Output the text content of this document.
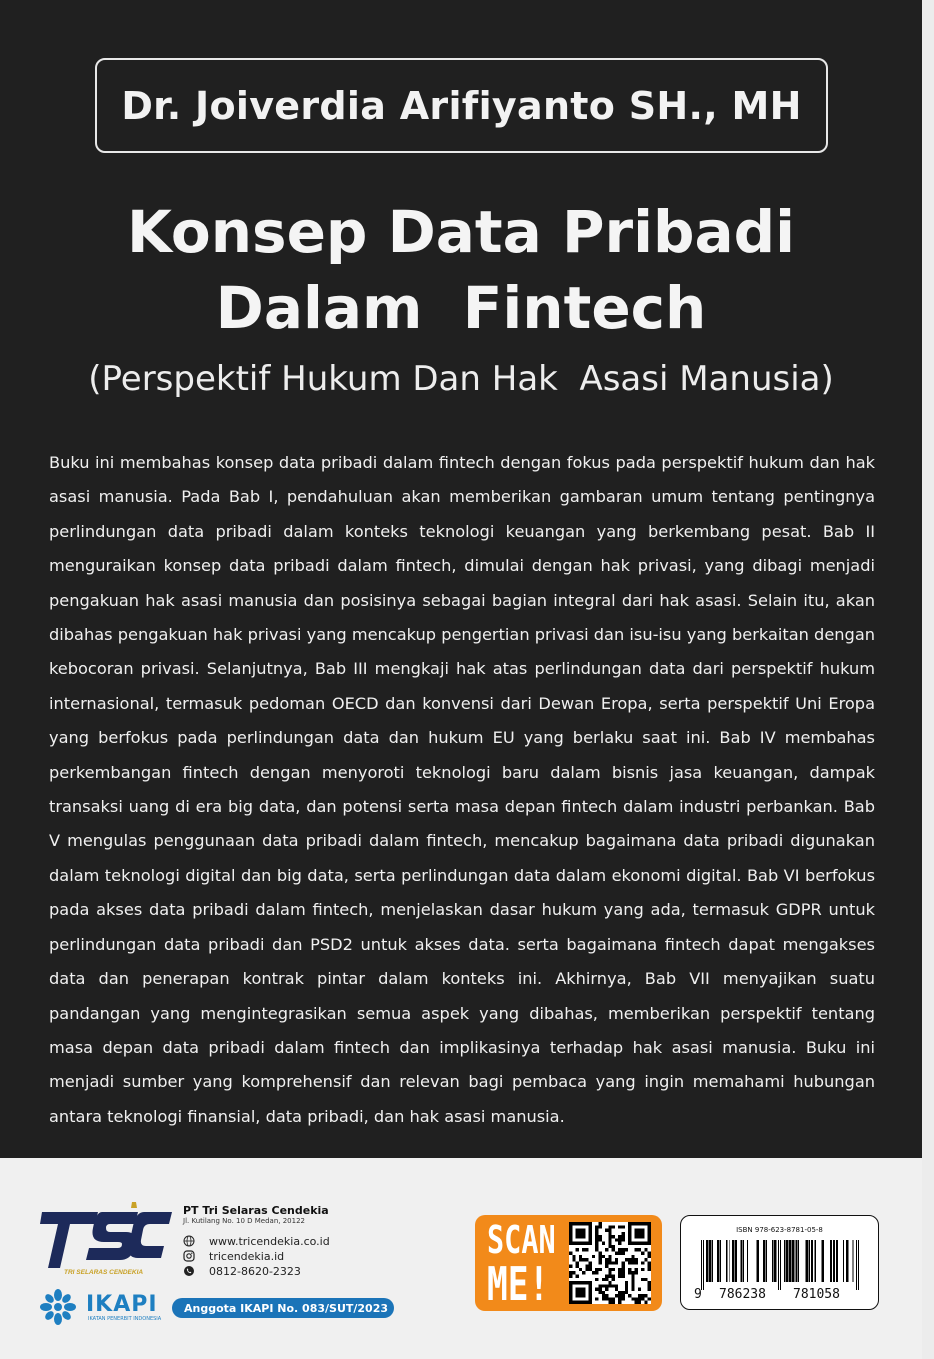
Dr. Joiverdia Arifiyanto SH., MH
Konsep Data Pribadi
Dalam  Fintech
(Perspektif Hukum Dan Hak  Asasi Manusia)

Buku ini membahas konsep data pribadi dalam fintech dengan fokus pada perspektif hukum dan hak asasi manusia. Pada Bab I, pendahuluan akan memberikan gambaran umum tentang pentingnya perlindungan data pribadi dalam konteks teknologi keuangan yang berkembang pesat. Bab II menguraikan konsep data pribadi dalam fintech, dimulai dengan hak privasi, yang dibagi menjadi pengakuan hak asasi manusia dan posisinya sebagai bagian integral dari hak asasi. Selain itu, akan dibahas pengakuan hak privasi yang mencakup pengertian privasi dan isu-isu yang berkaitan dengan kebocoran privasi. Selanjutnya, Bab III mengkaji hak atas perlindungan data dari perspektif hukum internasional, termasuk pedoman OECD dan konvensi dari Dewan Eropa, serta perspektif Uni Eropa yang berfokus pada perlindungan data dan hukum EU yang berlaku saat ini. Bab IV membahas perkembangan fintech dengan menyoroti teknologi baru dalam bisnis jasa keuangan, dampak transaksi uang di era big data, dan potensi serta masa depan fintech dalam industri perbankan. Bab V mengulas penggunaan data pribadi dalam fintech, mencakup bagaimana data pribadi digunakan dalam teknologi digital dan big data, serta perlindungan data dalam ekonomi digital. Bab VI berfokus pada akses data pribadi dalam fintech, menjelaskan dasar hukum yang ada, termasuk GDPR untuk perlindungan data pribadi dan PSD2 untuk akses data. serta bagaimana fintech dapat mengakses data dan penerapan kontrak pintar dalam konteks ini. Akhirnya, Bab VII menyajikan suatu pandangan yang mengintegrasikan semua aspek yang dibahas, memberikan perspektif tentang masa depan data pribadi dalam fintech dan implikasinya terhadap hak asasi manusia. Buku ini menjadi sumber yang komprehensif dan relevan bagi pembaca yang ingin memahami hubungan antara teknologi finansial, data pribadi, dan hak asasi manusia.

TRI SELARAS CENDEKIA
PT Tri Selaras Cendekia
Jl. Kutilang No. 10 D Medan, 20122
www.tricendekia.co.id
tricendekia.id
0812-8620-2323
IKAPI
IKATAN PENERBIT INDONESIA
Anggota IKAPI No. 083/SUT/2023
SCAN
ME!
ISBN 978-623-8781-05-8
9 786238 781058
